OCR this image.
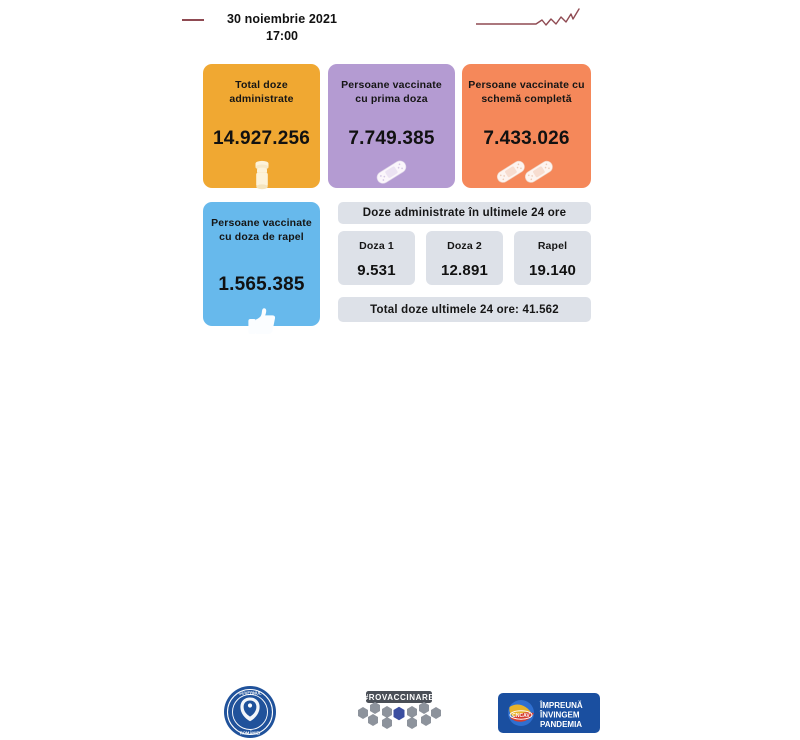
30 noiembrie 2021
17:00
Total doze administrate
14.927.256
Persoane vaccinate cu prima doza
7.749.385
Persoane vaccinate cu schemă completă
7.433.026
Persoane vaccinate cu doza de rapel
1.565.385
Doze administrate în ultimele 24 ore
Doza 1
9.531
Doza 2
12.891
Rapel
19.140
Total doze ultimele 24 ore: 41.562
GUVERNUL
ROMÂNIEI
#ROVACCINARE
CNCAV
ÎMPREUNĂ
ÎNVINGEM
PANDEMIA
